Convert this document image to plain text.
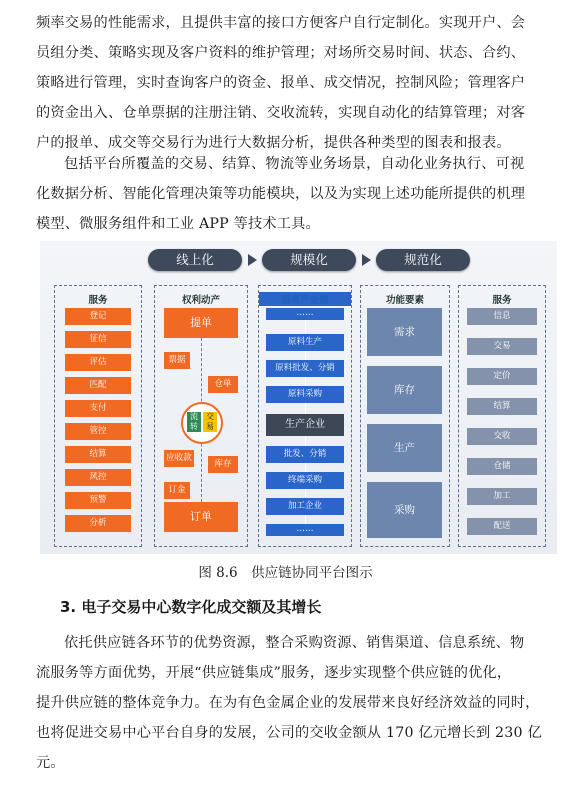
频率交易的性能需求，且提供丰富的接口方便客户自行定制化。实现开户、会
员组分类、策略实现及客户资料的维护管理；对场所交易时间、状态、合约、
策略进行管理，实时查询客户的资金、报单、成交情况，控制风险；管理客户
的资金出入、仓单票据的注册注销、交收流转，实现自动化的结算管理；对客
户的报单、成交等交易行为进行大数据分析，提供各种类型的图表和报表。
包括平台所覆盖的交易、结算、物流等业务场景，自动化业务执行、可视
化数据分析、智能化管理决策等功能模块，以及为实现上述功能所提供的机理
模型、微服务组件和工业 APP 等技术工具。
线上化	规模化	规范化
服务
登记
征信
评估
匹配
支付
管控
结算
风控
预警
分析
权利动产
提单
票据
仓单
流转
交易
应收款
库存
订金
订单
服务产业链
……
原料生产
原料批发、分销
原料采购
生产企业
批发、分销
终端采购
加工企业
……
功能要素
需求
库存
生产
采购
服务
信息
交易
定价
结算
交收
仓储
加工
配送
图 8.6　供应链协同平台图示
3. 电子交易中心数字化成交额及其增长
依托供应链各环节的优势资源，整合采购资源、销售渠道、信息系统、物
流服务等方面优势，开展“供应链集成”服务，逐步实现整个供应链的优化，
提升供应链的整体竞争力。在为有色金属企业的发展带来良好经济效益的同时，
也将促进交易中心平台自身的发展，公司的交收金额从 170 亿元增长到 230 亿
元。
